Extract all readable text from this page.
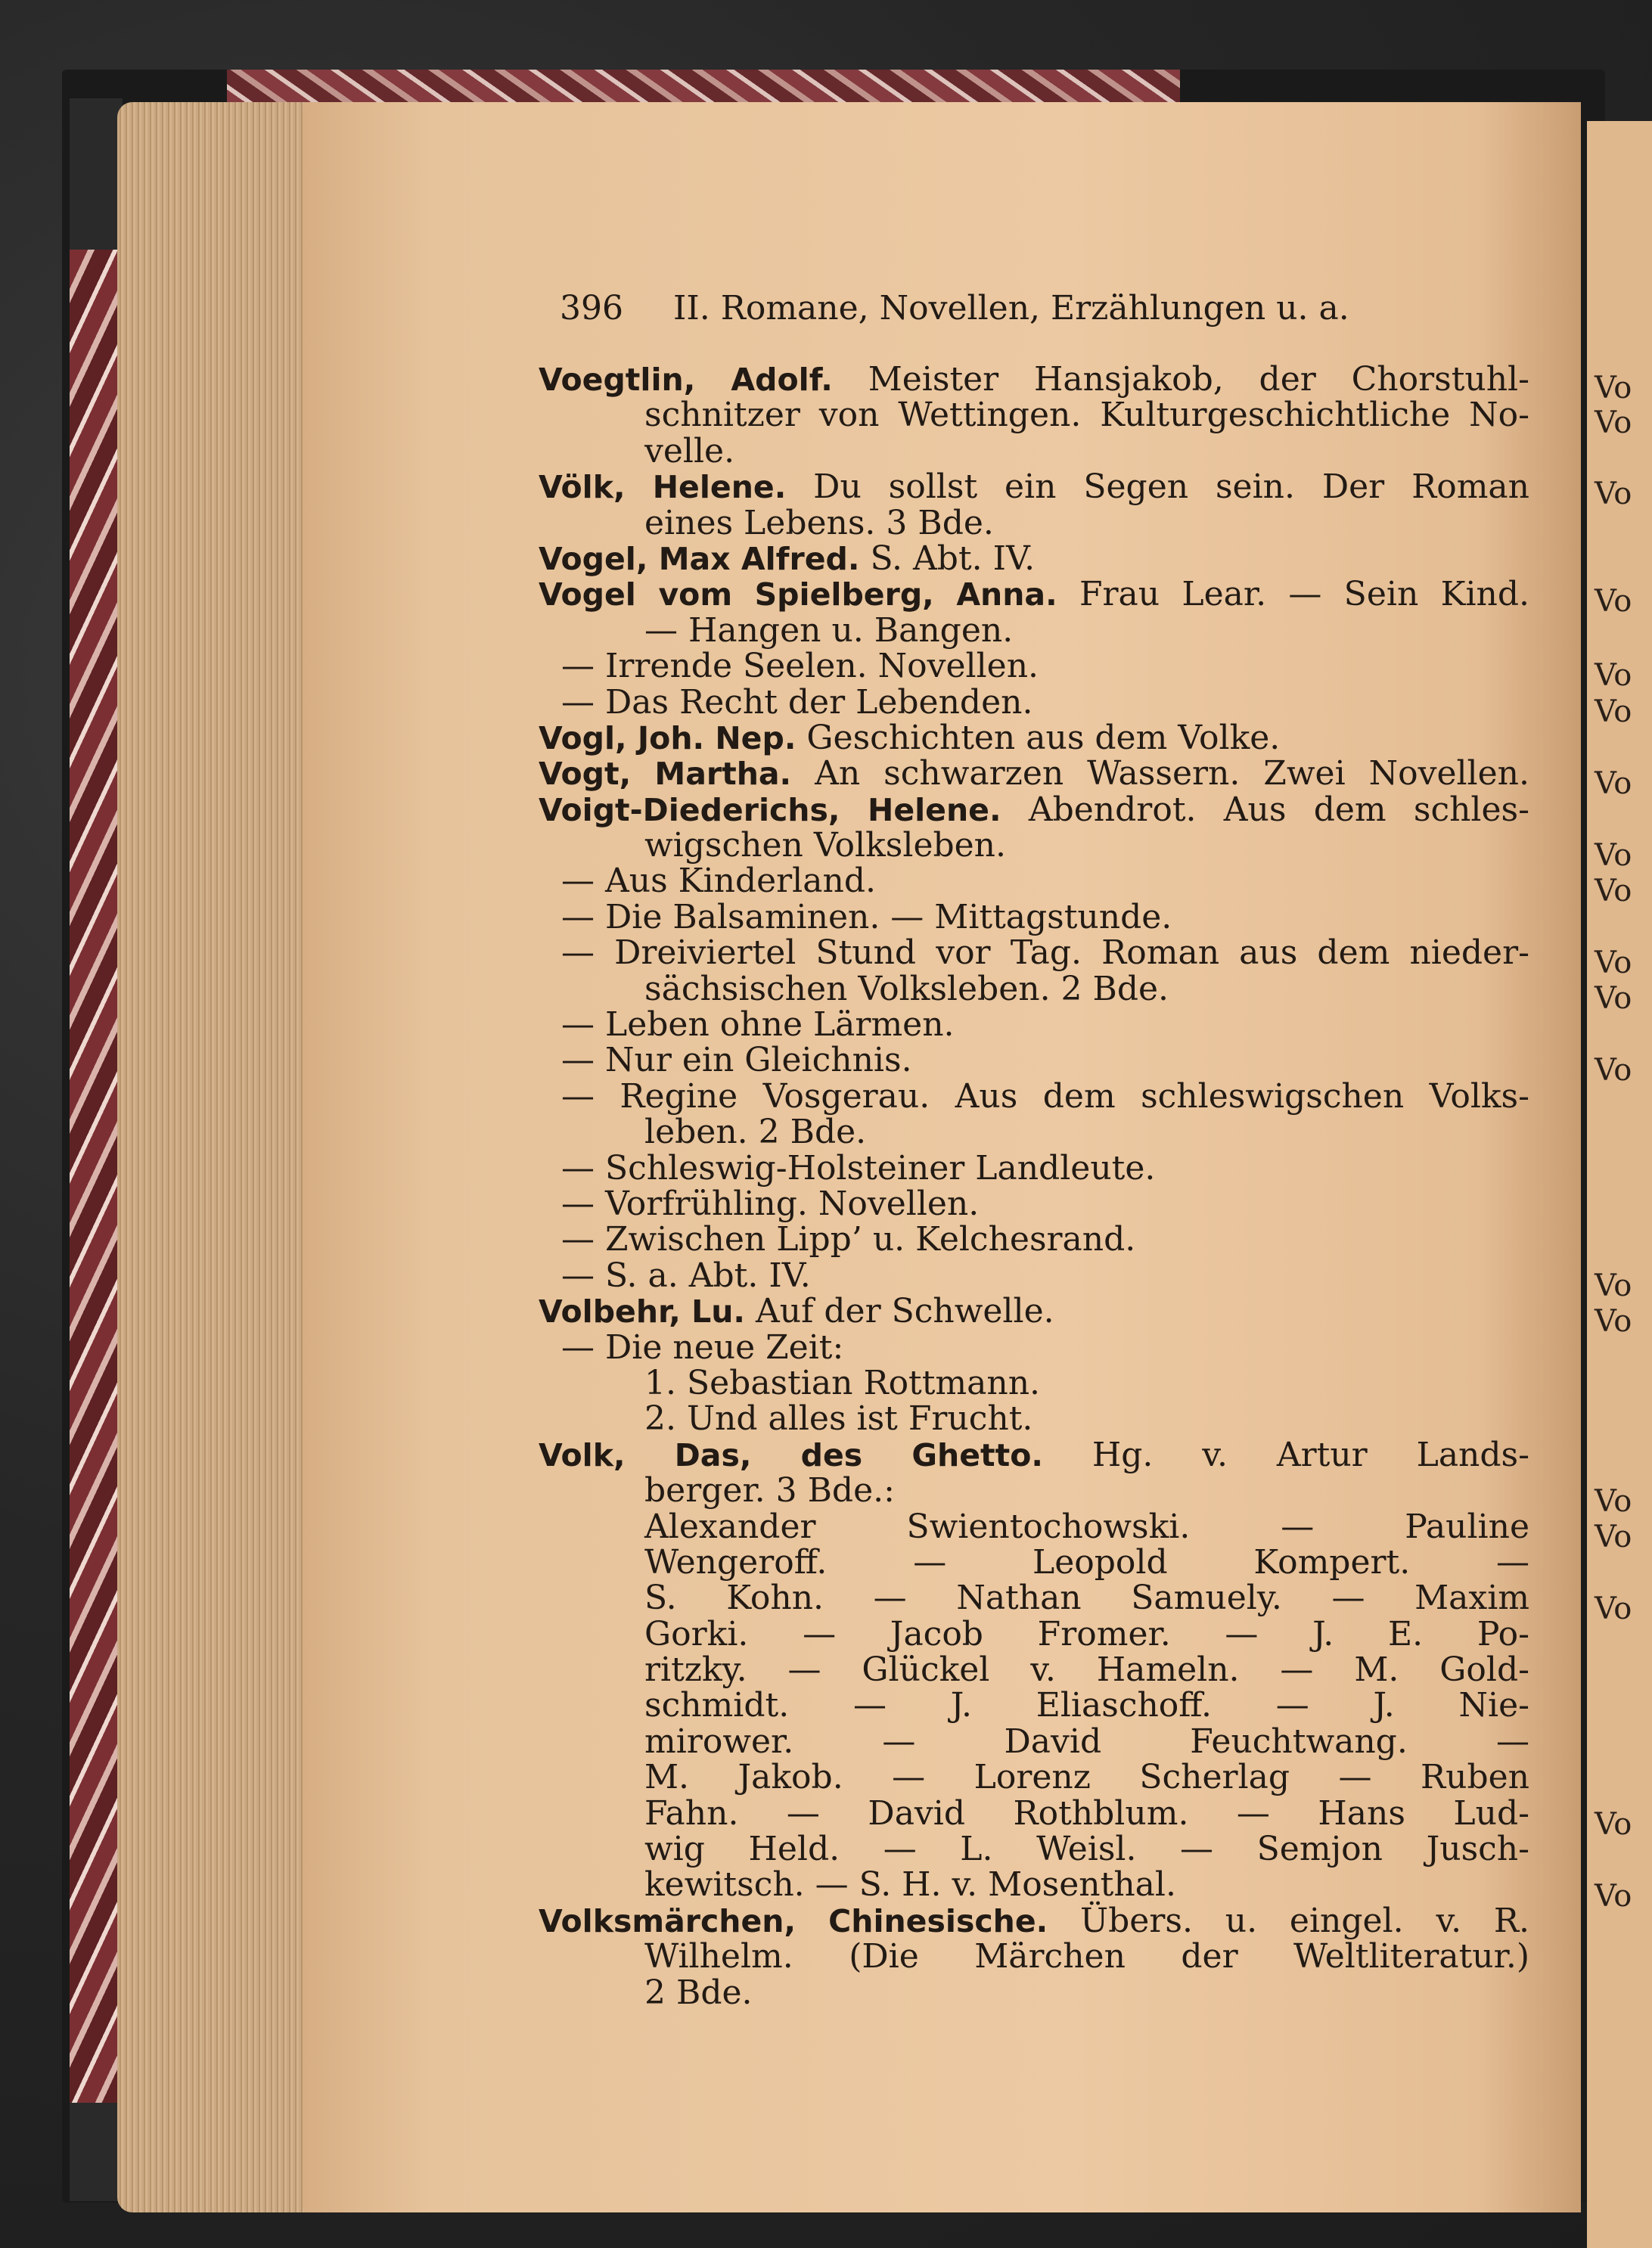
Vo
Vo
Vo
Vo
Vo
Vo
Vo
Vo
Vo
Vo
Vo
Vo
Vo
Vo
Vo
Vo
Vo
Vo
Vo
396 II. Romane, Novellen, Erzählungen u. a.
Voegtlin, Adolf. Meister Hansjakob, der Chorstuhl-
schnitzer von Wettingen. Kulturgeschichtliche No-
velle.
Völk, Helene. Du sollst ein Segen sein. Der Roman
eines Lebens. 3 Bde.
Vogel, Max Alfred. S. Abt. IV.
Vogel vom Spielberg, Anna. Frau Lear. — Sein Kind.
— Hangen u. Bangen.
— Irrende Seelen. Novellen.
— Das Recht der Lebenden.
Vogl, Joh. Nep. Geschichten aus dem Volke.
Vogt, Martha. An schwarzen Wassern. Zwei Novellen.
Voigt-Diederichs, Helene. Abendrot. Aus dem schles-
wigschen Volksleben.
— Aus Kinderland.
— Die Balsaminen. — Mittagstunde.
— Dreiviertel Stund vor Tag. Roman aus dem nieder-
sächsischen Volksleben. 2 Bde.
— Leben ohne Lärmen.
— Nur ein Gleichnis.
— Regine Vosgerau. Aus dem schleswigschen Volks-
leben. 2 Bde.
— Schleswig-Holsteiner Landleute.
— Vorfrühling. Novellen.
— Zwischen Lipp’ u. Kelchesrand.
— S. a. Abt. IV.
Volbehr, Lu. Auf der Schwelle.
— Die neue Zeit:
1. Sebastian Rottmann.
2. Und alles ist Frucht.
Volk, Das, des Ghetto. Hg. v. Artur Lands-
berger. 3 Bde.:
Alexander Swientochowski. — Pauline
Wengeroff. — Leopold Kompert. —
S. Kohn. — Nathan Samuely. — Maxim
Gorki. — Jacob Fromer. — J. E. Po-
ritzky. — Glückel v. Hameln. — M. Gold-
schmidt. — J. Eliaschoff. — J. Nie-
mirower. — David Feuchtwang. —
M. Jakob. — Lorenz Scherlag — Ruben
Fahn. — David Rothblum. — Hans Lud-
wig Held. — L. Weisl. — Semjon Jusch-
kewitsch. — S. H. v. Mosenthal.
Volksmärchen, Chinesische. Übers. u. eingel. v. R.
Wilhelm. (Die Märchen der Weltliteratur.)
2 Bde.
